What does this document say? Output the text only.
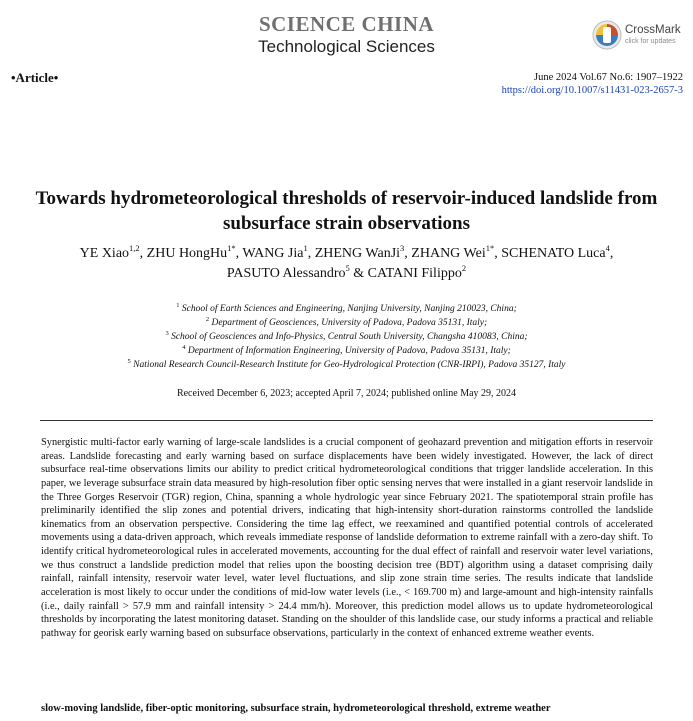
SCIENCE CHINA
Technological Sciences
CrossMark
click for updates
•Article•	June 2024 Vol.67 No.6: 1907–1922
https://doi.org/10.1007/s11431-023-2657-3
Towards hydrometeorological thresholds of reservoir-induced landslide from subsurface strain observations
YE Xiao$^{1,2}$, ZHU HongHu$^{1*}$, WANG Jia$^1$, ZHENG WanJi$^3$, ZHANG Wei$^{1*}$, SCHENATO Luca$^4$,
PASUTO Alessandro$^5$ & CATANI Filippo$^2$
$^1$ School of Earth Sciences and Engineering, Nanjing University, Nanjing 210023, China;
$^2$ Department of Geosciences, University of Padova, Padova 35131, Italy;
$^3$ School of Geosciences and Info-Physics, Central South University, Changsha 410083, China;
$^4$ Department of Information Engineering, University of Padova, Padova 35131, Italy;
$^5$ National Research Council-Research Institute for Geo-Hydrological Protection (CNR-IRPI), Padova 35127, Italy
Received December 6, 2023; accepted April 7, 2024; published online May 29, 2024
Synergistic multi-factor early warning of large-scale landslides is a crucial component of geohazard prevention and mitigation efforts in reservoir areas. Landslide forecasting and early warning based on surface displacements have been widely investigated. However, the lack of direct subsurface real-time observations limits our ability to predict critical hydrometeorological conditions that trigger landslide acceleration. In this paper, we leverage subsurface strain data measured by high-resolution fiber optic sensing nerves that were installed in a giant reservoir landslide in the Three Gorges Reservoir (TGR) region, China, spanning a whole hydrologic year since February 2021. The spatiotemporal strain profile has preliminarily identified the slip zones and potential drivers, indicating that high-intensity short-duration rainstorms controlled the landslide kinematics from an observation perspective. Considering the time lag effect, we reexamined and quantified potential controls of accelerated movements using a data-driven approach, which reveals immediate response of landslide deformation to extreme rainfall with a zero-day shift. To identify critical hydrometeorological rules in accelerated movements, accounting for the dual effect of rainfall and reservoir water level variations, we thus construct a landslide prediction model that relies upon the boosting decision tree (BDT) algorithm using a dataset comprising daily rainfall, rainfall intensity, reservoir water level, water level fluctuations, and slip zone strain time series. The results indicate that landslide acceleration is most likely to occur under the conditions of mid-low water levels (i.e., < 169.700 m) and large-amount and high-intensity rainfalls (i.e., daily rainfall > 57.9 mm and rainfall intensity > 24.4 mm/h). Moreover, this prediction model allows us to update hydrometeorological thresholds by incorporating the latest monitoring dataset. Standing on the shoulder of this landslide case, our study informs a practical and reliable pathway for georisk early warning based on subsurface observations, particularly in the context of enhanced extreme weather events.
slow-moving landslide, fiber-optic monitoring, subsurface strain, hydrometeorological threshold, extreme weather
